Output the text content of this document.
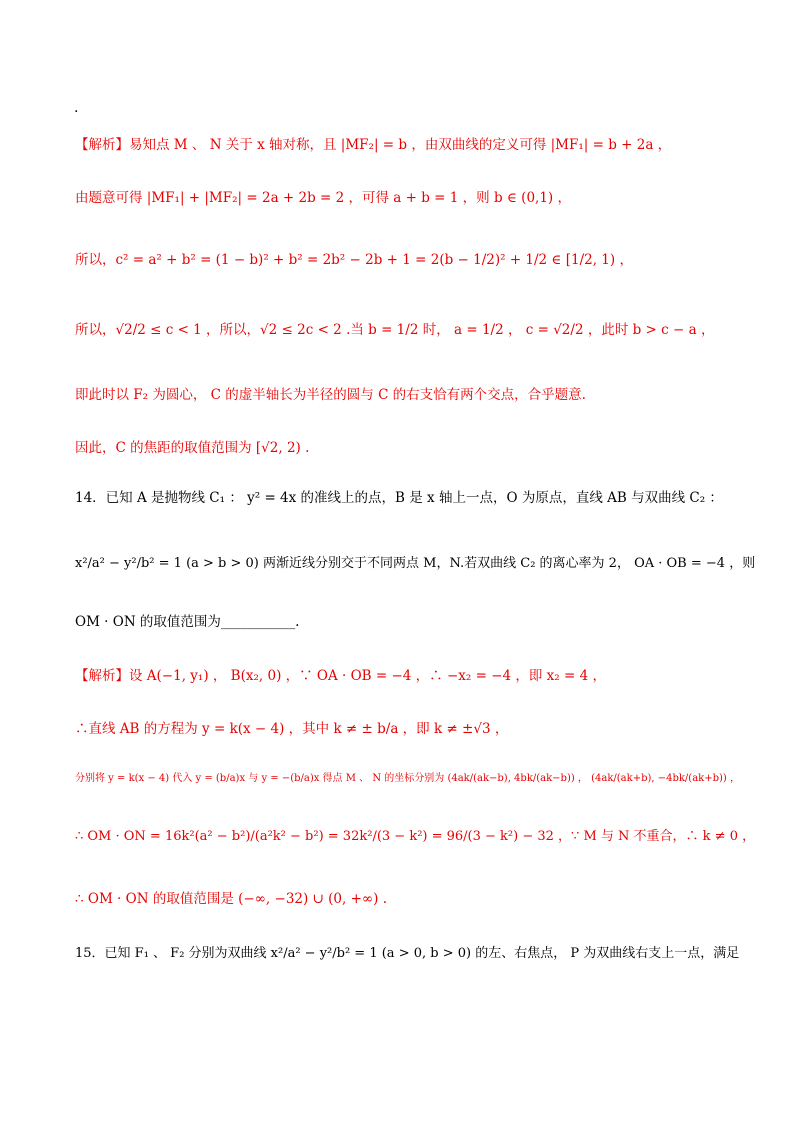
.
【解析】易知点 M 、 N 关于 x 轴对称，且 |MF₂| = b ，由双曲线的定义可得 |MF₁| = b + 2a ，
由题意可得 |MF₁| + |MF₂| = 2a + 2b = 2 ，可得 a + b = 1 ，则 b ∈ (0,1) ，
所以，c² = a² + b² = (1 − b)² + b² = 2b² − 2b + 1 = 2(b − 1/2)² + 1/2 ∈ [1/2, 1) ，
所以，√2/2 ≤ c < 1 ，所以，√2 ≤ 2c < 2 .当 b = 1/2 时， a = 1/2 ， c = √2/2 ，此时 b > c − a ，
即此时以 F₂ 为圆心， C 的虚半轴长为半径的圆与 C 的右支恰有两个交点，合乎题意.
因此，C 的焦距的取值范围为 [√2, 2) .
14．已知 A 是抛物线 C₁ ： y² = 4x 的准线上的点，B 是 x 轴上一点，O 为原点，直线 AB 与双曲线 C₂ ：
x²/a² − y²/b² = 1 (a > b > 0) 两渐近线分别交于不同两点 M，N.若双曲线 C₂ 的离心率为 2， OA · OB = −4 ，则
OM · ON 的取值范围为___________.
【解析】设 A(−1, y₁) ， B(x₂, 0) ，∵ OA · OB = −4 ，∴ −x₂ = −4 ，即 x₂ = 4 ，
∴直线 AB 的方程为 y = k(x − 4) ，其中 k ≠ ± b/a ，即 k ≠ ±√3 ，
分别将 y = k(x − 4) 代入 y = (b/a)x 与 y = −(b/a)x 得点 M 、 N 的坐标分别为 (4ak/(ak−b), 4bk/(ak−b)) ， (4ak/(ak+b), −4bk/(ak+b)) ，
∴ OM · ON = 16k²(a² − b²)/(a²k² − b²) = 32k²/(3 − k²) = 96/(3 − k²) − 32 ，∵ M 与 N 不重合，∴ k ≠ 0 ，
∴ OM · ON 的取值范围是 (−∞, −32) ∪ (0, +∞) .
15．已知 F₁ 、 F₂ 分别为双曲线 x²/a² − y²/b² = 1 (a > 0, b > 0) 的左、右焦点， P 为双曲线右支上一点，满足
